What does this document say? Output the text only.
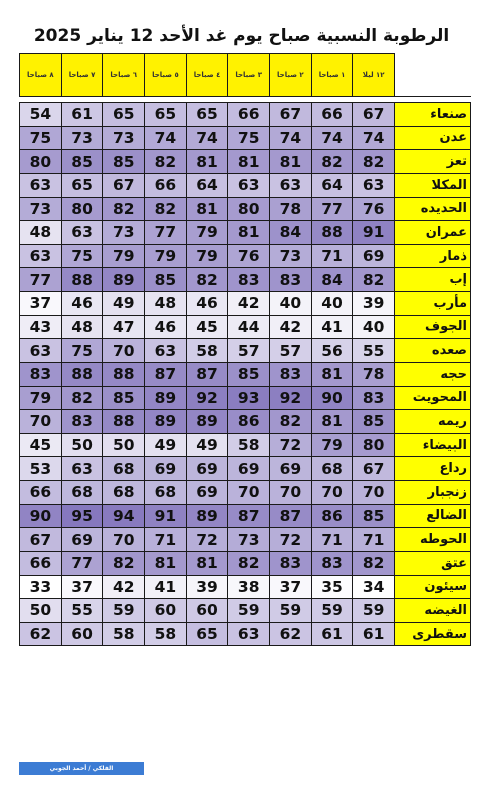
الرطوبة النسبية صباح يوم غد الأحد 12 يناير 2025
	١٢ ليلا	١ صباحا	٢ صباحا	٣ صباحا	٤ صباحا	٥ صباحا	٦ صباحا	٧ صباحا	٨ صباحا

صنعاء	67	66	67	66	65	65	65	61	54
عدن	74	74	74	75	74	74	73	73	75
تعز	82	82	81	81	81	82	85	85	80
المكلا	63	64	63	63	64	66	67	65	63
الحديده	76	77	78	80	81	82	82	80	73
عمران	91	88	84	81	79	77	73	63	48
ذمار	69	71	73	76	79	79	79	75	63
إب	82	84	83	83	82	85	89	88	77
مأرب	39	40	40	42	46	48	49	46	37
الجوف	40	41	42	44	45	46	47	48	43
صعده	55	56	57	57	58	63	70	75	63
حجه	78	81	83	85	87	87	88	88	83
المحويت	83	90	92	93	92	89	85	82	79
ريمه	85	81	82	86	89	89	88	83	70
البيضاء	80	79	72	58	49	49	50	50	45
رداع	67	68	69	69	69	69	68	63	53
زنجبار	70	70	70	70	69	68	68	68	66
الضالع	85	86	87	87	89	91	94	95	90
الحوطه	71	71	72	73	72	71	70	69	67
عتق	82	83	83	82	81	81	82	77	66
سيئون	34	35	37	38	39	41	42	37	33
الغيضه	59	59	59	59	60	60	59	55	50
سقطرى	61	61	62	63	65	58	58	60	62
الفلكي / أحمد الجوبي
